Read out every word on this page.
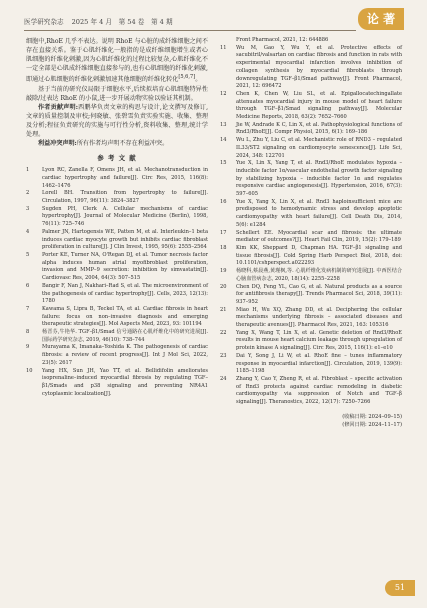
医学研究杂志 2025 年 4 月　第 54 卷　第 4 期	论 著

细胞中,RhoE 几乎不表达。说明 RhoE 与心脏的成纤维细胞之间不存在直接关系。鉴于心肌纤维化一般指的是成纤维细胞增生或者心肌细胞的纤维化刺激,因为心肌纤维化的过程比较复杂,心肌纤维化不一定全部是心肌成纤维细胞直接参与的,也有心肌细胞的纤维化刺激,即通过心肌细胞的纤维化刺激加速其他细胞的纤维化转化[5,6,7]。

基于当前的研究仪局限于细胞水平,后续拟培育心肌细胞特异性敲除/过表达 RhoE 的小鼠,进一步开展动物实验以验证其机制。

作者贡献声明:西鹏华负责文章的构思与设计,论文撰写及修订,文章的质量控制及审校;何晓敏、张碧雪负责实验实施、收集、整理及分析;程征负责研究的实施与可行性分析,资料收集、整理,统计学处理。

利益冲突声明:所有作者均声明不存在利益冲突。

参 考 文 献
1	Lyon RC, Zanella F, Omens JH, et al. Mechanotransduction in cardiac hypertrophy and failure[J]. Circ Res, 2015, 116(8): 1462–1476
2	Lorell BH. Transition from hypertrophy to failure[J]. Circulation, 1997, 96(11): 3824–3827
3	Sugden PH, Clerk A. Cellular mechanisms of cardiac hypertrophy[J]. Journal of Molecular Medicine (Berlin), 1998, 76(11): 725–746
4	Palmer JN, Hartogensis WE, Patten M, et al. Interleukin–1 beta induces cardiac myocyte growth but inhibits cardiac fibroblast proliferation in culture[J]. J Clin Invest, 1995, 95(6): 2555–2564
5	Porter KE, Turner NA, O'Regan DJ, et al. Tumor necrosis factor alpha induces human atrial myofibroblast proliferation, invasion and MMP–9 secretion: inhibition by simvastatin[J]. Cardiovasc Res, 2004, 64(3): 507–515
6	Bangir F, Nan J, Nakhari–Rad S, et al. The microenvironment of the pathogenesis of cardiac hypertrophy[J]. Cells, 2023, 12(13): 1780
7	Kawama S, Lipra B, Teckel TA, et al. Cardiac fibrosis in heart failure: focus on non–invasive diagnosis and emerging therapeutic strategies[J]. Mol Aspects Med, 2023, 93: 101194
8	杨晋芬,牛艳华. TGF–β1/Smad 信号通路在心肌纤维化中的研究进展[J]. 国际药学研究杂志, 2019, 46(10): 738–744
9	Murayama K, Imanaka–Yoshida K. The pathogenesis of cardiac fibrosis: a review of recent progress[J]. Int J Mol Sci, 2022, 23(5): 2617
10	Yang HX, Sun JH, Yao TT, et al. Bellidifolin ameliorates isoprenaline–induced myocardial fibrosis by regulating TGF–β1/Smads and p38 signaling and preventing NR4A1 cytoplasmic localization[J].

Front Pharmacol, 2021, 12: 644886

11	Wu M, Gao Y, Wu Y, et al. Protective effects of sacubitril/valsartan on cardiac fibrosis and function in rats with experimental myocardial infarction involves inhibition of collagen synthesis by myocardial fibroblasts through downregulating TGF–β1/Smad pathway[J]. Front Pharmacol, 2021, 12: 696472
12	Chen K, Chen W, Liu SL, et al. Epigallocatechingallate attenuates myocardial injury in mouse model of heart failure through TGF–β1/Smad signaling pathway[J]. Molecular Medicine Reports, 2018, 63(2): 7652–7660
13	Jie W, Andrade K C, Lin X, et al. Pathophysiological functions of Rnd3/RhoE[J]. Compr Physiol, 2015, 6(1): 169–186
14	Wu L, Zhu Y, Liu C, et al. Mechanistic role of RND3 – regulated IL33/ST2 signaling on cardiomyocyte senescence[J]. Life Sci, 2024, 348: 122701
15	Yue X, Lin X, Yang T, et al. Rnd3/RhoE modulates hypoxia – inducible factor 1α/vascular endothelial growth factor signaling by stabilizing hypoxia – inducible factor 1α and regulates responsive cardiac angiogenesis[J]. Hypertension, 2016, 67(3): 597–605
16	Yue X, Yang X, Lin X, et al. Rnd3 haploinsufficient mice are predisposed to hemodynamic stress and develop apoptotic cardiomyopathy with heart failure[J]. Cell Death Dis, 2014, 5(6): e1284
17	Schellert EE. Myocardial scar and fibrosis: the ultimate mediator of outcomes?[J]. Heart Fail Clin, 2019, 15(2): 179–189
18	Kim KK, Sheppard D, Chapman HA. TGF–β1 signaling and tissue fibrosis[J]. Cold Spring Harb Perspect Biol, 2018, doi: 10.1101/cshperspect.a022293
19	杨晓科,蔡晨燕,黄瑾枫,等. 心肌纤维化发病机制的研究进展[J]. 中西医结合心脑血管病杂志, 2020, 18(14): 2255–2258
20	Chen DQ, Feng YL, Cao G, et al. Natural products as a source for antifibrosis therapy[J]. Trends Pharmacol Sci, 2018, 39(11): 937–952
21	Miao H, Wu XQ, Zhang DD, et al. Deciphering the cellular mechanisms underlying fibrosis – associated diseases and therapeutic avenues[J]. Pharmacol Res, 2021, 163: 105316
22	Yang X, Wang T, Lin X, et al. Genetic deletion of Rnd3/RhoE results in mouse heart calcium leakage through upregulation of protein kinase A signaling[J]. Circ Res, 2015, 116(1): e1–e10
23	Dai Y, Song J, Li W, et al. RhoE fine – tunes inflammatory response in myocardial infarction[J]. Circulation, 2019, 139(9): 1185–1198
24	Zhang Y, Cao Y, Zheng R, et al. Fibroblast – specific activation of Rnd3 protects against cardiac remodeling in diabetic cardiomyopathy via suppression of Notch and TGF–β signaling[J]. Theranostics, 2022, 12(17): 7250–7266
(收稿日期: 2024–09–15)
(修回日期: 2024–11–17)
51
